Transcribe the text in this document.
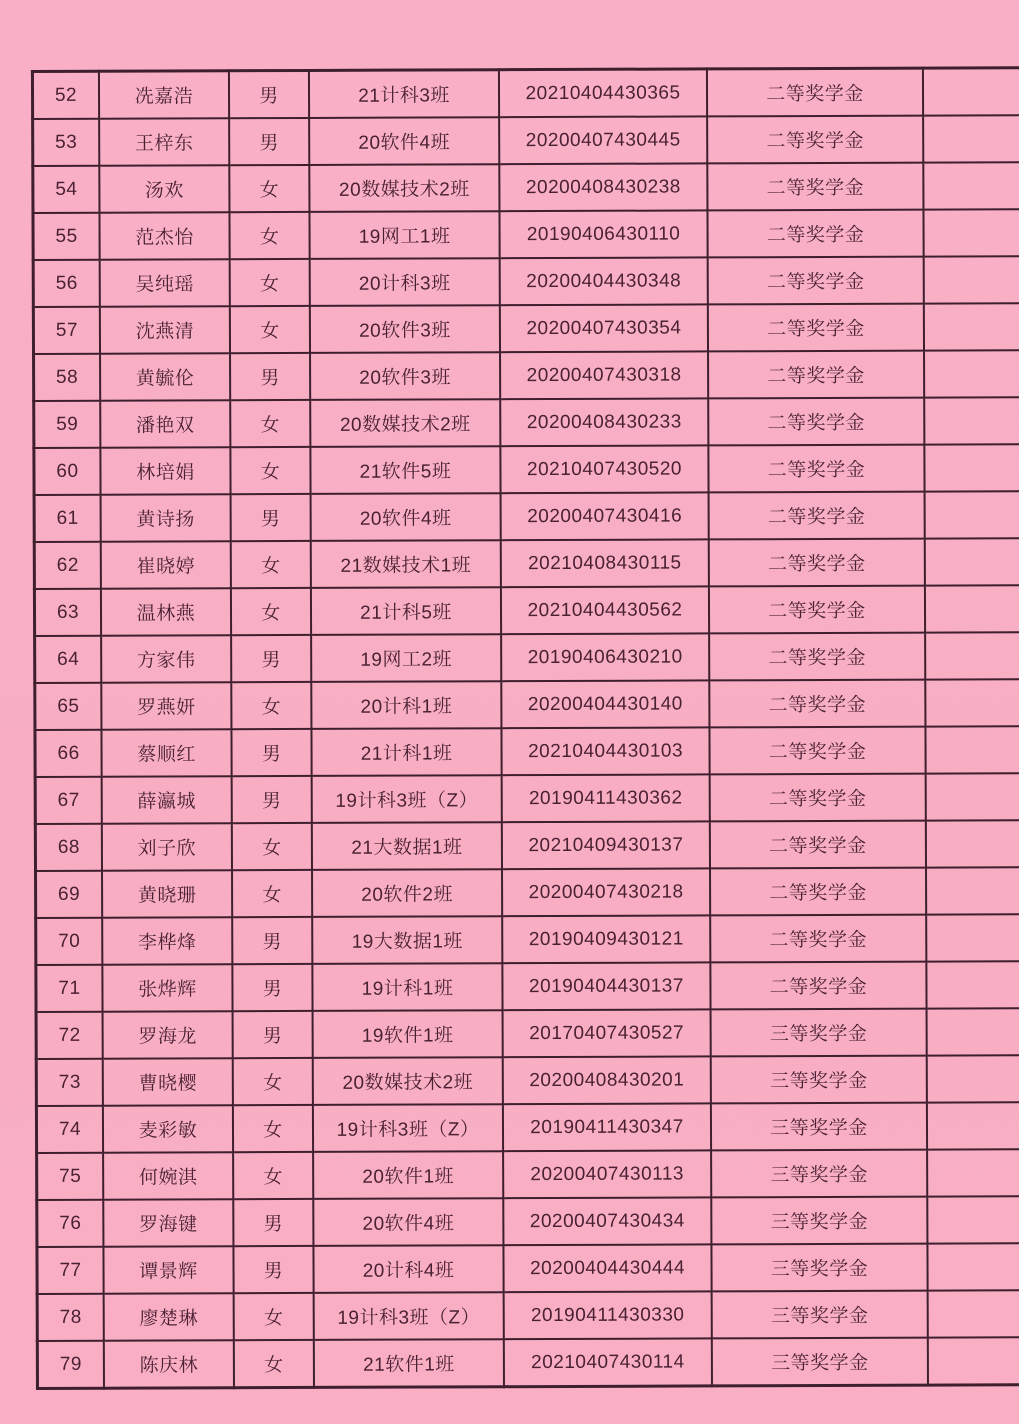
52	冼嘉浩	男	21计科3班	20210404430365	二等奖学金	
53	王梓东	男	20软件4班	20200407430445	二等奖学金	
54	汤欢	女	20数媒技术2班	20200408430238	二等奖学金	
55	范杰怡	女	19网工1班	20190406430110	二等奖学金	
56	吴纯瑶	女	20计科3班	20200404430348	二等奖学金	
57	沈燕清	女	20软件3班	20200407430354	二等奖学金	
58	黄毓伦	男	20软件3班	20200407430318	二等奖学金	
59	潘艳双	女	20数媒技术2班	20200408430233	二等奖学金	
60	林培娟	女	21软件5班	20210407430520	二等奖学金	
61	黄诗扬	男	20软件4班	20200407430416	二等奖学金	
62	崔晓婷	女	21数媒技术1班	20210408430115	二等奖学金	
63	温林燕	女	21计科5班	20210404430562	二等奖学金	
64	方家伟	男	19网工2班	20190406430210	二等奖学金	
65	罗燕妍	女	20计科1班	20200404430140	二等奖学金	
66	蔡顺红	男	21计科1班	20210404430103	二等奖学金	
67	薛瀛城	男	19计科3班（Z）	20190411430362	二等奖学金	
68	刘子欣	女	21大数据1班	20210409430137	二等奖学金	
69	黄晓珊	女	20软件2班	20200407430218	二等奖学金	
70	李桦烽	男	19大数据1班	20190409430121	二等奖学金	
71	张烨辉	男	19计科1班	20190404430137	二等奖学金	
72	罗海龙	男	19软件1班	20170407430527	三等奖学金	
73	曹晓樱	女	20数媒技术2班	20200408430201	三等奖学金	
74	麦彩敏	女	19计科3班（Z）	20190411430347	三等奖学金	
75	何婉淇	女	20软件1班	20200407430113	三等奖学金	
76	罗海键	男	20软件4班	20200407430434	三等奖学金	
77	谭景辉	男	20计科4班	20200404430444	三等奖学金	
78	廖楚琳	女	19计科3班（Z）	20190411430330	三等奖学金	
79	陈庆林	女	21软件1班	20210407430114	三等奖学金	
